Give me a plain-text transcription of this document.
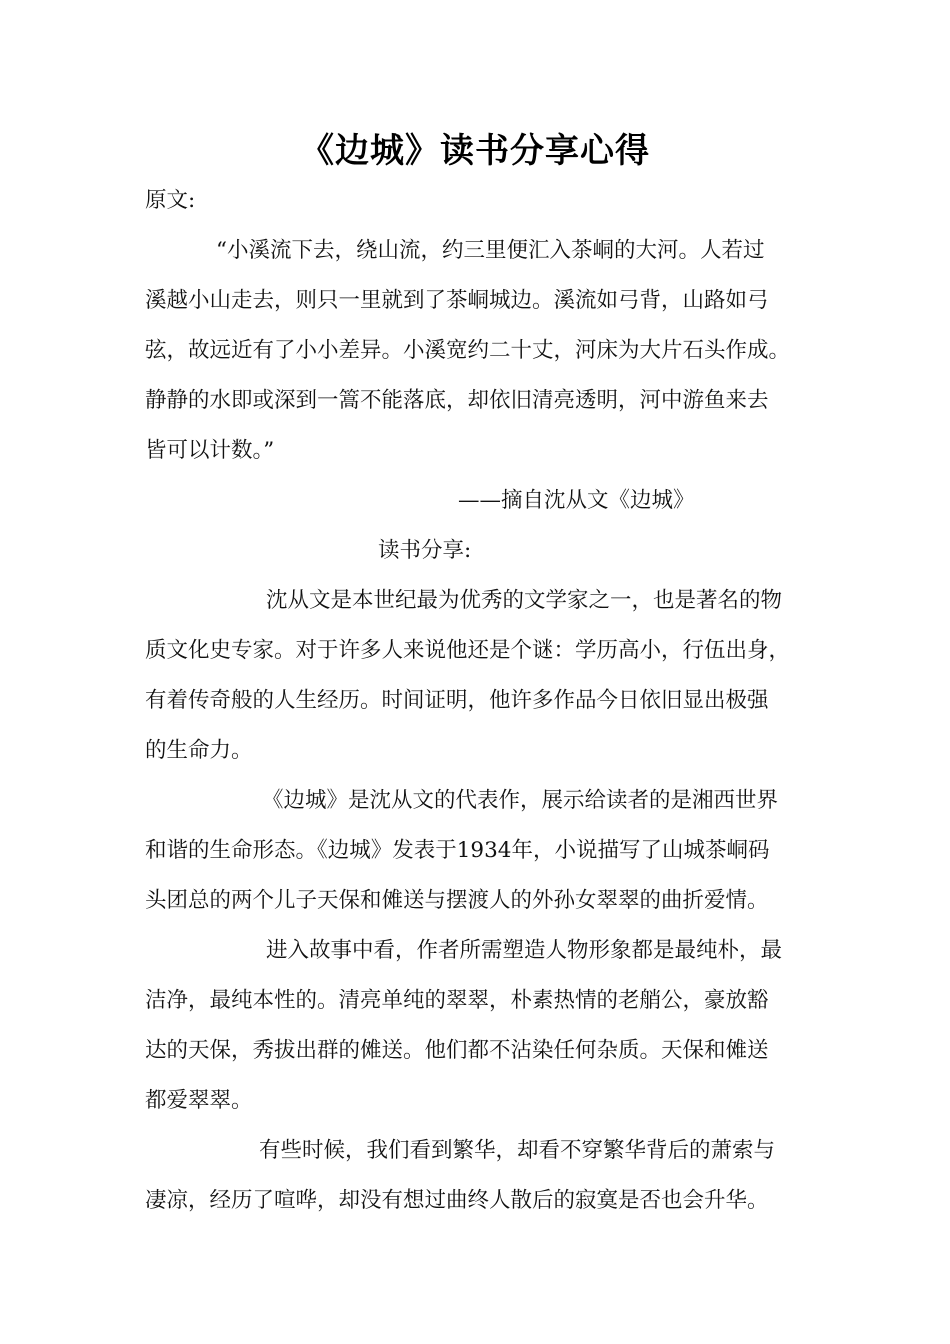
《边城》读书分享心得
原文:
“小溪流下去，绕山流，约三里便汇入茶峒的大河。人若过
溪越小山走去，则只一里就到了茶峒城边。溪流如弓背，山路如弓
弦，故远近有了小小差异。小溪宽约二十丈，河床为大片石头作成。
静静的水即或深到一篙不能落底，却依旧清亮透明，河中游鱼来去
皆可以计数。”
——摘自沈从文《边城》
读书分享:
沈从文是本世纪最为优秀的文学家之一，也是著名的物
质文化史专家。对于许多人来说他还是个谜：学历高小，行伍出身，
有着传奇般的人生经历。时间证明，他许多作品今日依旧显出极强
的生命力。
《边城》是沈从文的代表作，展示给读者的是湘西世界
和谐的生命形态。《边城》发表于1934年，小说描写了山城茶峒码
头团总的两个儿子天保和傩送与摆渡人的外孙女翠翠的曲折爱情。
进入故事中看，作者所需塑造人物形象都是最纯朴，最
洁净，最纯本性的。清亮单纯的翠翠，朴素热情的老艄公，豪放豁
达的天保，秀拔出群的傩送。他们都不沾染任何杂质。天保和傩送
都爱翠翠。
有些时候，我们看到繁华，却看不穿繁华背后的萧索与
凄凉，经历了喧哗，却没有想过曲终人散后的寂寞是否也会升华。
